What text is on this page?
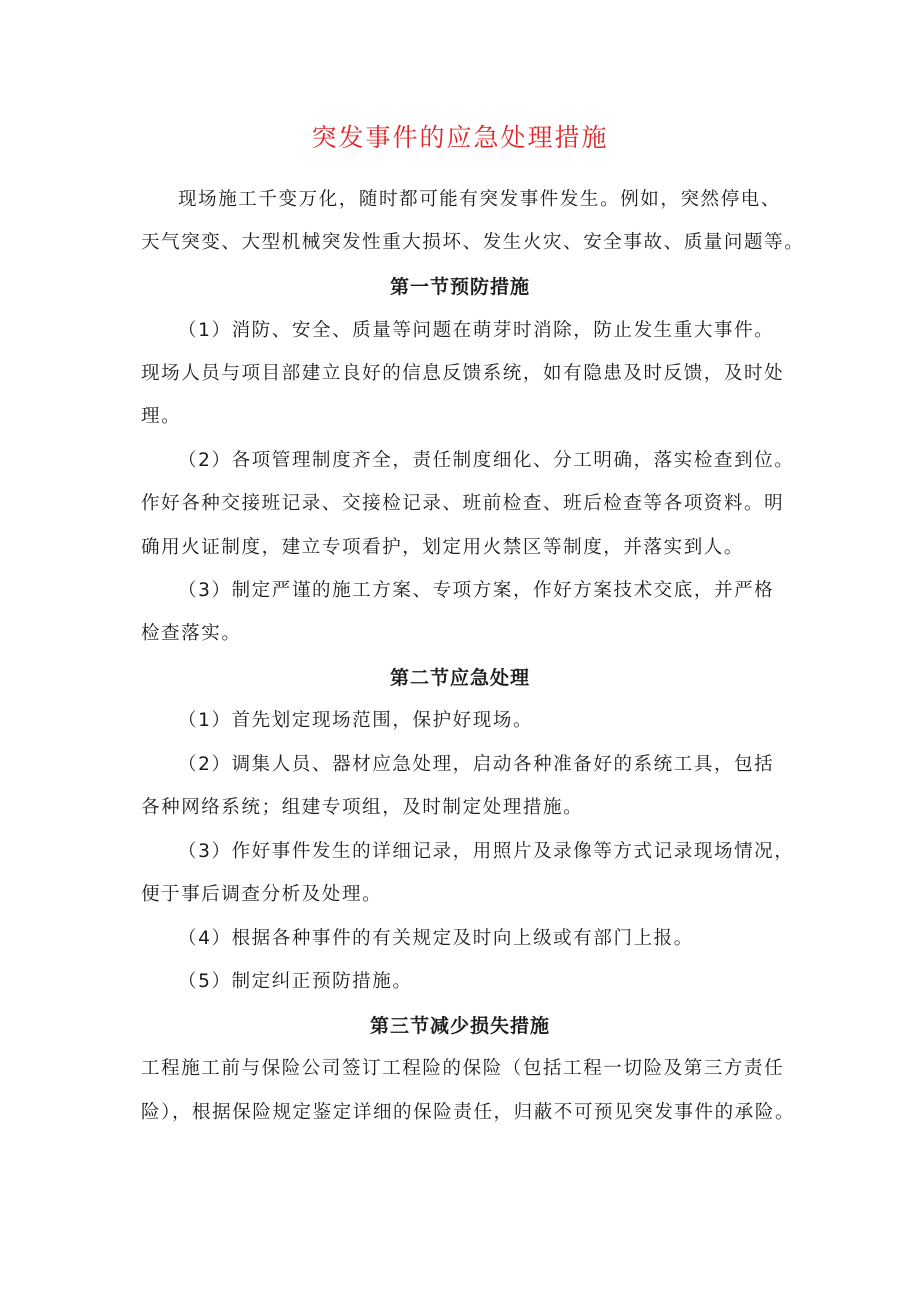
突发事件的应急处理措施
现场施工千变万化，随时都可能有突发事件发生。例如，突然停电、
天气突变、大型机械突发性重大损坏、发生火灾、安全事故、质量问题等。
第一节预防措施
（1）消防、安全、质量等问题在萌芽时消除，防止发生重大事件。
现场人员与项目部建立良好的信息反馈系统，如有隐患及时反馈，及时处
理。
（2）各项管理制度齐全，责任制度细化、分工明确，落实检查到位。
作好各种交接班记录、交接检记录、班前检查、班后检查等各项资料。明
确用火证制度，建立专项看护，划定用火禁区等制度，并落实到人。
（3）制定严谨的施工方案、专项方案，作好方案技术交底，并严格
检查落实。
第二节应急处理
（1）首先划定现场范围，保护好现场。
（2）调集人员、器材应急处理，启动各种准备好的系统工具，包括
各种网络系统；组建专项组，及时制定处理措施。
（3）作好事件发生的详细记录，用照片及录像等方式记录现场情况，
便于事后调查分析及处理。
（4）根据各种事件的有关规定及时向上级或有部门上报。
（5）制定纠正预防措施。
第三节减少损失措施
工程施工前与保险公司签订工程险的保险（包括工程一切险及第三方责任
险），根据保险规定鉴定详细的保险责任，归蔽不可预见突发事件的承险。
